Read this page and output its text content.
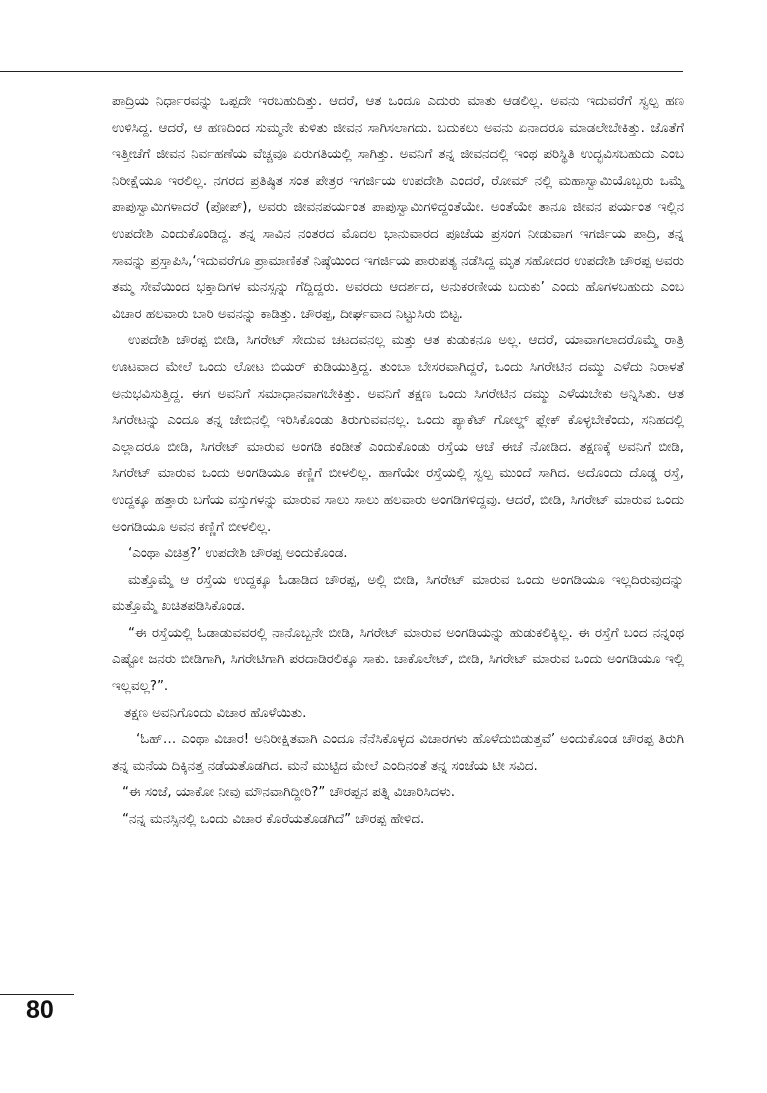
ಪಾದ್ರಿಯ ನಿರ್ಧಾರವನ್ನು ಒಪ್ಪದೇ ಇರಬಹುದಿತ್ತು. ಆದರೆ, ಆತ ಒಂದೂ ಎದುರು ಮಾತು ಆಡಲಿಲ್ಲ. ಅವನು ಇದುವರೆಗೆ ಸ್ವಲ್ಪ ಹಣ ಉಳಿಸಿದ್ದ. ಆದರೆ, ಆ ಹಣದಿಂದ ಸುಮ್ಮನೇ ಕುಳಿತು ಜೀವನ ಸಾಗಿಸಲಾಗದು. ಬದುಕಲು ಅವನು ಏನಾದರೂ ಮಾಡಲೇಬೇಕಿತ್ತು. ಜೊತೆಗೆ ಇತ್ತೀಚೆಗೆ ಜೀವನ ನಿರ್ವಹಣೆಯ ವೆಚ್ಚವೂ ಏರುಗತಿಯಲ್ಲಿ ಸಾಗಿತ್ತು. ಅವನಿಗೆ ತನ್ನ ಜೀವನದಲ್ಲಿ ಇಂಥ ಪರಿಸ್ಥಿತಿ ಉದ್ಭವಿಸಬಹುದು ಎಂಬ ನಿರೀಕ್ಷೆಯೂ ಇರಲಿಲ್ಲ. ನಗರದ ಪ್ರತಿಷ್ಠಿತ ಸಂತ ಪೇತ್ರರ ಇಗರ್ಜಿಯ ಉಪದೇಶಿ ಎಂದರೆ, ರೋಮ್ ನಲ್ಲಿ ಮಹಾಸ್ವಾಮಿಯೊಬ್ಬರು ಒಮ್ಮೆ ಪಾಪುಸ್ವಾಮಿಗಳಾದರೆ (ಪೋಪ್), ಅವರು ಜೀವನಪರ್ಯಂತ ಪಾಪುಸ್ವಾಮಿಗಳಿದ್ದಂತೆಯೇ. ಅಂತೆಯೇ ತಾನೂ ಜೀವನ ಪರ್ಯಂತ ಇಲ್ಲಿನ ಉಪದೇಶಿ ಎಂದುಕೊಂಡಿದ್ದ. ತನ್ನ ಸಾವಿನ ನಂತರದ ಮೊದಲ ಭಾನುವಾರದ ಪೂಜೆಯ ಪ್ರಸಂಗ ನೀಡುವಾಗ ಇಗರ್ಜಿಯ ಪಾದ್ರಿ, ತನ್ನ ಸಾವನ್ನು ಪ್ರಸ್ತಾಪಿಸಿ,‘ಇದುವರೆಗೂ ಪ್ರಾಮಾಣಿಕತೆ ನಿಷ್ಠೆಯಿಂದ ಇಗರ್ಜಿಯ ಪಾರುಪತ್ಯ ನಡೆಸಿದ್ದ ಮೃತ ಸಹೋದರ ಉಪದೇಶಿ ಚೌರಪ್ಪ ಅವರು ತಮ್ಮ ಸೇವೆಯಿಂದ ಭಕ್ತಾದಿಗಳ ಮನಸ್ಸನ್ನು ಗೆದ್ದಿದ್ದರು. ಅವರದು ಆದರ್ಶದ, ಅನುಕರಣೀಯ ಬದುಕು’ ಎಂದು ಹೊಗಳಬಹುದು ಎಂಬ ವಿಚಾರ ಹಲವಾರು ಬಾರಿ ಅವನನ್ನು ಕಾಡಿತ್ತು. ಚೌರಪ್ಪ, ದೀರ್ಘವಾದ ನಿಟ್ಟುಸಿರು ಬಿಟ್ಟ.

ಉಪದೇಶಿ ಚೌರಪ್ಪ ಬೀಡಿ, ಸಿಗರೇಟ್ ಸೇದುವ ಚಟದವನಲ್ಲ ಮತ್ತು ಆತ ಕುಡುಕನೂ ಅಲ್ಲ. ಆದರೆ, ಯಾವಾಗಲಾದರೊಮ್ಮೆ ರಾತ್ರಿ ಊಟವಾದ ಮೇಲೆ ಒಂದು ಲೋಟ ಬಿಯರ್ ಕುಡಿಯುತ್ತಿದ್ದ. ತುಂಬಾ ಬೇಸರವಾಗಿದ್ದರೆ, ಒಂದು ಸಿಗರೇಟಿನ ದಮ್ಮು ಎಳೆದು ನಿರಾಳತೆ ಅನುಭವಿಸುತ್ತಿದ್ದ. ಈಗ ಅವನಿಗೆ ಸಮಾಧಾನವಾಗಬೇಕಿತ್ತು. ಅವನಿಗೆ ತಕ್ಷಣ ಒಂದು ಸಿಗರೇಟಿನ ದಮ್ಮು ಎಳೆಯಬೇಕು ಅನ್ನಿಸಿತು. ಆತ ಸಿಗರೇಟನ್ನು ಎಂದೂ ತನ್ನ ಜೇಬಿನಲ್ಲಿ ಇರಿಸಿಕೊಂಡು ತಿರುಗುವವನಲ್ಲ. ಒಂದು ಪ್ಯಾಕೆಟ್ ಗೋಲ್ಡ್ ಫ್ಲೇಕ್ ಕೊಳ್ಳಬೇಕೆಂದು, ಸನಿಹದಲ್ಲಿ ಎಲ್ಲಾದರೂ ಬೀಡಿ, ಸಿಗರೇಟ್ ಮಾರುವ ಅಂಗಡಿ ಕಂಡೀತೆ ಎಂದುಕೊಂಡು ರಸ್ತೆಯ ಆಚೆ ಈಚೆ ನೋಡಿದ. ತಕ್ಷಣಕ್ಕೆ ಅವನಿಗೆ ಬೀಡಿ, ಸಿಗರೇಟ್ ಮಾರುವ ಒಂದು ಅಂಗಡಿಯೂ ಕಣ್ಣಿಗೆ ಬೀಳಲಿಲ್ಲ. ಹಾಗೆಯೇ ರಸ್ತೆಯಲ್ಲಿ ಸ್ವಲ್ಪ ಮುಂದೆ ಸಾಗಿದ. ಅದೊಂದು ದೊಡ್ಡ ರಸ್ತೆ, ಉದ್ದಕ್ಕೂ ಹತ್ತಾರು ಬಗೆಯ ವಸ್ತುಗಳನ್ನು ಮಾರುವ ಸಾಲು ಸಾಲು ಹಲವಾರು ಅಂಗಡಿಗಳಿದ್ದವು. ಆದರೆ, ಬೀಡಿ, ಸಿಗರೇಟ್ ಮಾರುವ ಒಂದು ಅಂಗಡಿಯೂ ಅವನ ಕಣ್ಣಿಗೆ ಬೀಳಲಿಲ್ಲ.

‘ಎಂಥಾ ವಿಚಿತ್ರ?’ ಉಪದೇಶಿ ಚೌರಪ್ಪ ಅಂದುಕೊಂಡ.

ಮತ್ತೊಮ್ಮೆ ಆ ರಸ್ತೆಯ ಉದ್ದಕ್ಕೂ ಓಡಾಡಿದ ಚೌರಪ್ಪ, ಅಲ್ಲಿ ಬೀಡಿ, ಸಿಗರೇಟ್ ಮಾರುವ ಒಂದು ಅಂಗಡಿಯೂ ಇಲ್ಲದಿರುವುದನ್ನು ಮತ್ತೊಮ್ಮೆ ಖಚಿತಪಡಿಸಿಕೊಂಡ.

“ಈ ರಸ್ತೆಯಲ್ಲಿ ಓಡಾಡುವವರಲ್ಲಿ ನಾನೊಬ್ಬನೇ ಬೀಡಿ, ಸಿಗರೇಟ್ ಮಾರುವ ಅಂಗಡಿಯನ್ನು ಹುಡುಕಲಿಕ್ಕಿಲ್ಲ. ಈ ರಸ್ತೆಗೆ ಬಂದ ನನ್ನಂಥ ಎಷ್ಟೋ ಜನರು ಬೀಡಿಗಾಗಿ, ಸಿಗರೇಟಿಗಾಗಿ ಪರದಾಡಿರಲಿಕ್ಕೂ ಸಾಕು. ಚಾಕೊಲೇಟ್, ಬೀಡಿ, ಸಿಗರೇಟ್ ಮಾರುವ ಒಂದು ಅಂಗಡಿಯೂ ಇಲ್ಲಿ ಇಲ್ಲವಲ್ಲ?”.

ತಕ್ಷಣ ಅವನಿಗೊಂದು ವಿಚಾರ ಹೊಳೆಯಿತು.

‘ಓಹ್… ಎಂಥಾ ವಿಚಾರ! ಅನಿರೀಕ್ಷಿತವಾಗಿ ಎಂದೂ ನೆನೆಸಿಕೊಳ್ಳದ ವಿಚಾರಗಳು ಹೊಳೆದುಬಿಡುತ್ತವೆ’ ಅಂದುಕೊಂಡ ಚೌರಪ್ಪ ತಿರುಗಿ ತನ್ನ ಮನೆಯ ದಿಕ್ಕಿನತ್ತ ನಡೆಯತೊಡಗಿದ. ಮನೆ ಮುಟ್ಟಿದ ಮೇಲೆ ಎಂದಿನಂತೆ ತನ್ನ ಸಂಜೆಯ ಟೀ ಸವಿದ.

“ಈ ಸಂಜೆ, ಯಾಕೋ ನೀವು ಮೌನವಾಗಿದ್ದೀರಿ?” ಚೌರಪ್ಪನ ಪತ್ನಿ ವಿಚಾರಿಸಿದಳು.

“ನನ್ನ ಮನಸ್ಸಿನಲ್ಲಿ ಒಂದು ವಿಚಾರ ಕೊರೆಯತೊಡಗಿದೆ” ಚೌರಪ್ಪ ಹೇಳಿದ.

80
